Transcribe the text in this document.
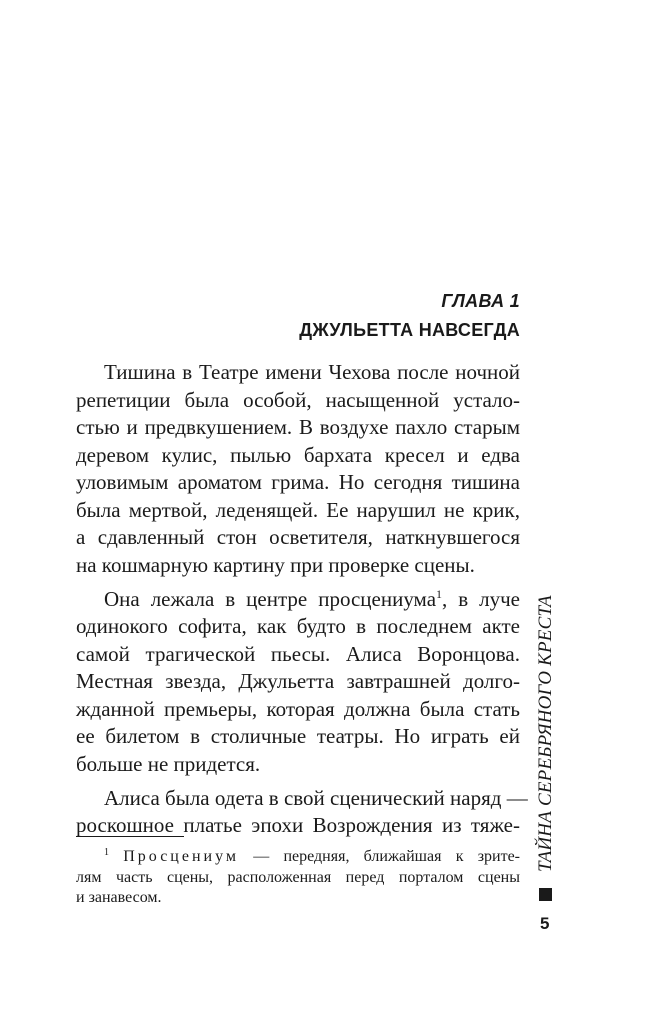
ГЛАВА 1
ДЖУЛЬЕТТА НАВСЕГДА
Тишина в Театре имени Чехова после ночной
репетиции была особой, насыщенной устало-
стью и предвкушением. В воздухе пахло старым
деревом кулис, пылью бархата кресел и едва
уловимым ароматом грима. Но сегодня тишина
была мертвой, леденящей. Ее нарушил не крик,
а сдавленный стон осветителя, наткнувшегося
на кошмарную картину при проверке сцены.
Она лежала в центре просцениума$^1$, в луче
одинокого софита, как будто в последнем акте
самой трагической пьесы. Алиса Воронцова.
Местная звезда, Джульетта завтрашней долго-
жданной премьеры, которая должна была стать
ее билетом в столичные театры. Но играть ей
больше не придется.
Алиса была одета в свой сценический наряд —
роскошное платье эпохи Возрождения из тяже-
$^1$ Просцениум — передняя, ближайшая к зрите-
лям часть сцены, расположенная перед порталом сцены
и занавесом.
ТАЙНА СЕРЕБРЯНОГО КРЕСТА
5
